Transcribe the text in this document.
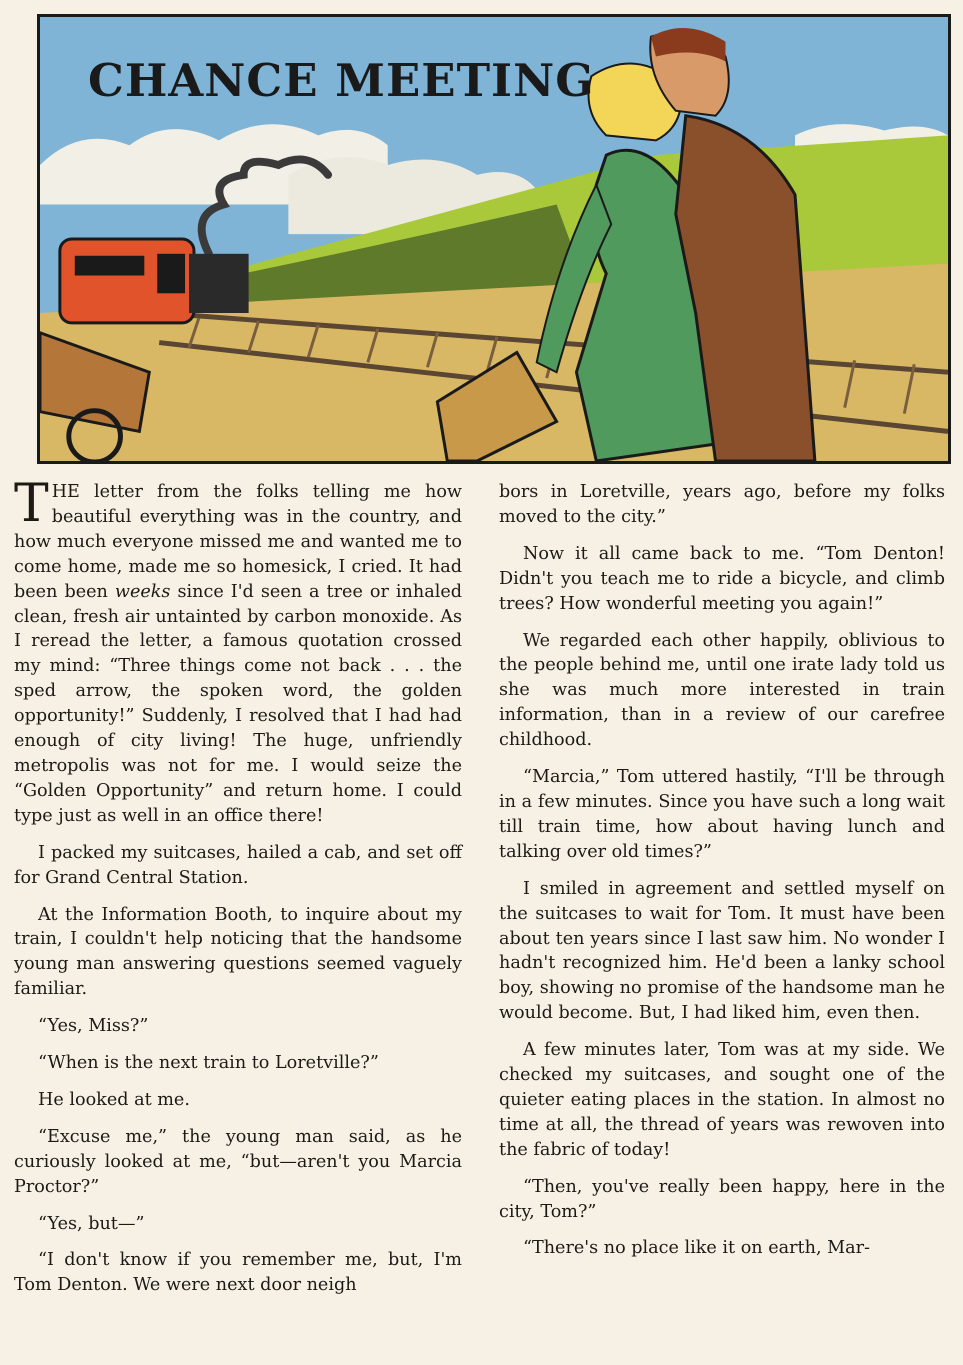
CHANCE MEETING

THE letter from the folks telling me how beautiful everything was in the country, and how much everyone missed me and wanted me to come home, made me so homesick, I cried. It had been been weeks since I'd seen a tree or inhaled clean, fresh air untainted by carbon monoxide. As I reread the letter, a famous quotation crossed my mind: “Three things come not back . . . the sped arrow, the spoken word, the golden opportunity!” Suddenly, I resolved that I had had enough of city living! The huge, unfriendly metropolis was not for me. I would seize the “Golden Opportunity” and return home. I could type just as well in an office there!

I packed my suitcases, hailed a cab, and set off for Grand Central Station.

At the Information Booth, to inquire about my train, I couldn't help noticing that the handsome young man answering questions seemed vaguely familiar.

“Yes, Miss?”

“When is the next train to Loretville?”

He looked at me.

“Excuse me,” the young man said, as he curiously looked at me, “but—aren't you Marcia Proctor?”

“Yes, but—”

“I don't know if you remember me, but, I'm Tom Denton. We were next door neigh

bors in Loretville, years ago, before my folks moved to the city.”

Now it all came back to me. “Tom Denton! Didn't you teach me to ride a bicycle, and climb trees? How wonderful meeting you again!”

We regarded each other happily, oblivious to the people behind me, until one irate lady told us she was much more interested in train information, than in a review of our carefree childhood.

“Marcia,” Tom uttered hastily, “I'll be through in a few minutes. Since you have such a long wait till train time, how about having lunch and talking over old times?”

I smiled in agreement and settled myself on the suitcases to wait for Tom. It must have been about ten years since I last saw him. No wonder I hadn't recognized him. He'd been a lanky school boy, showing no promise of the handsome man he would become. But, I had liked him, even then.

A few minutes later, Tom was at my side. We checked my suitcases, and sought one of the quieter eating places in the station. In almost no time at all, the thread of years was rewoven into the fabric of today!

“Then, you've really been happy, here in the city, Tom?”

“There's no place like it on earth, Mar-
